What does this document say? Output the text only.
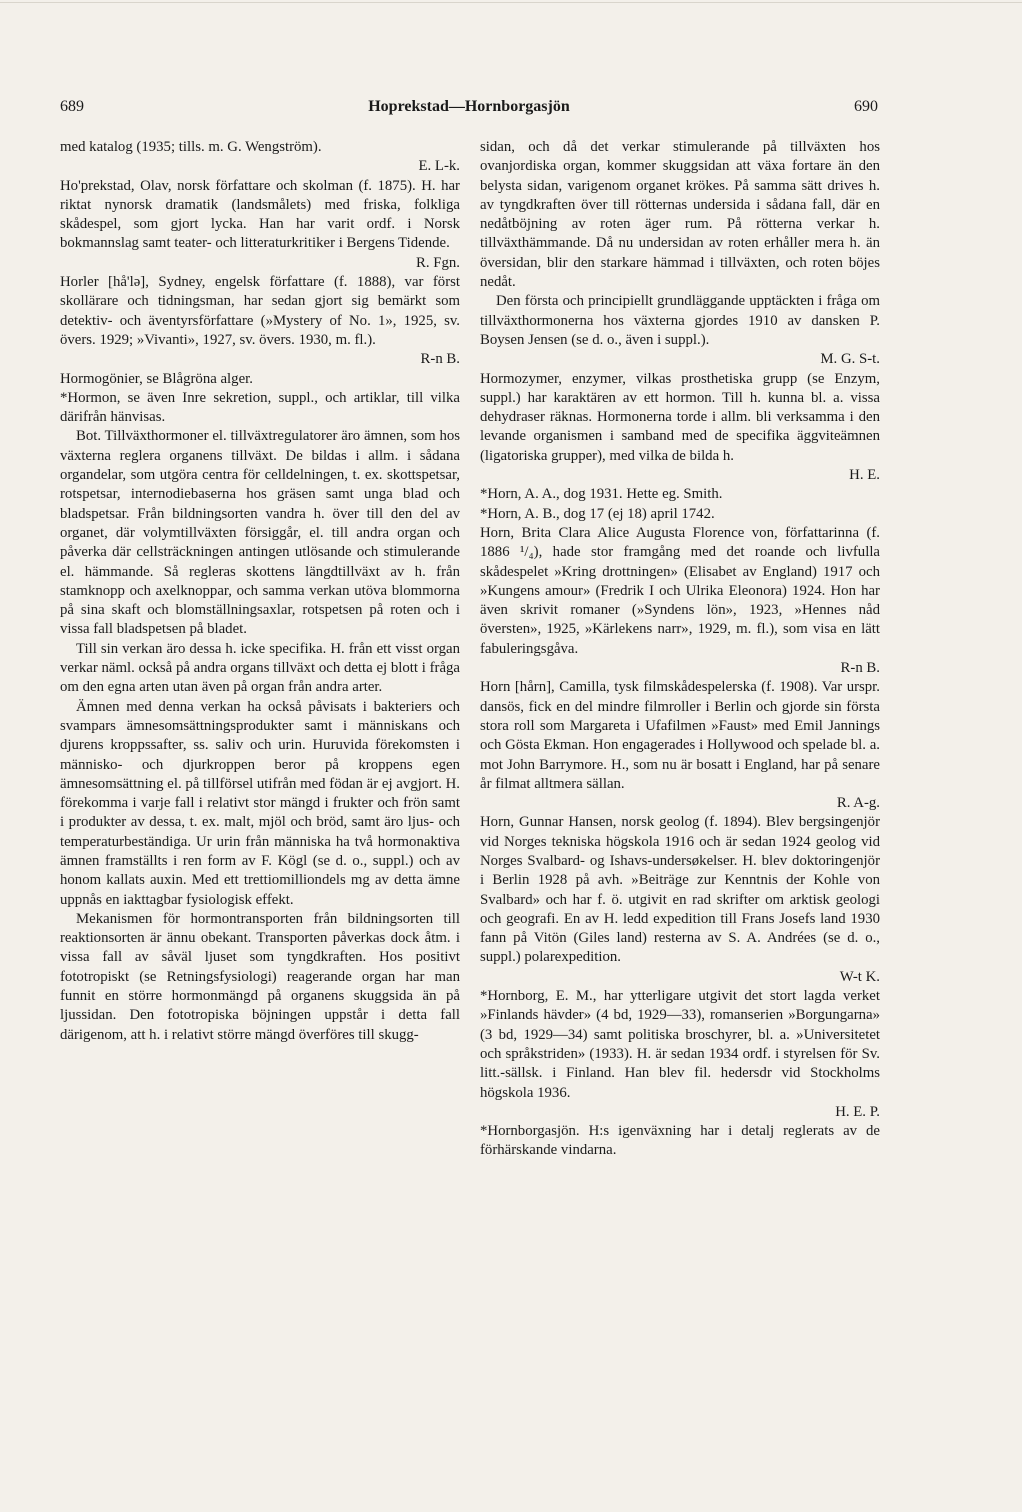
689	Hoprekstad—Hornborgasjön	690

med katalog (1935; tills. m. G. Wengström).

E. L-k.

Ho'prekstad, Olav, norsk författare och skolman (f. 1875). H. har riktat nynorsk dramatik (landsmålets) med friska, folkliga skådespel, som gjort lycka. Han har varit ordf. i Norsk bokmannslag samt teater- och litteraturkritiker i Bergens Tidende.

R. Fgn.

Horler [hå'lə], Sydney, engelsk författare (f. 1888), var först skollärare och tidningsman, har sedan gjort sig bemärkt som detektiv- och äventyrsförfattare (»Mystery of No. 1», 1925, sv. övers. 1929; »Vivanti», 1927, sv. övers. 1930, m. fl.).

R-n B.

Hormogönier, se Blågröna alger.

*Hormon, se även Inre sekretion, suppl., och artiklar, till vilka därifrån hänvisas.

Bot. Tillväxthormoner el. tillväxtregulatorer äro ämnen, som hos växterna reglera organens tillväxt. De bildas i allm. i sådana organdelar, som utgöra centra för celldelningen, t. ex. skottspetsar, rotspetsar, internodiebaserna hos gräsen samt unga blad och bladspetsar. Från bildningsorten vandra h. över till den del av organet, där volymtillväxten försiggår, el. till andra organ och påverka där cellsträckningen antingen utlösande och stimulerande el. hämmande. Så regleras skottens längdtillväxt av h. från stamknopp och axelknoppar, och samma verkan utöva blommorna på sina skaft och blomställningsaxlar, rotspetsen på roten och i vissa fall bladspetsen på bladet.

Till sin verkan äro dessa h. icke specifika. H. från ett visst organ verkar näml. också på andra organs tillväxt och detta ej blott i fråga om den egna arten utan även på organ från andra arter.

Ämnen med denna verkan ha också påvisats i bakteriers och svampars ämnesomsättningsprodukter samt i människans och djurens kroppssafter, ss. saliv och urin. Huruvida förekomsten i människo- och djurkroppen beror på kroppens egen ämnesomsättning el. på tillförsel utifrån med födan är ej avgjort. H. förekomma i varje fall i relativt stor mängd i frukter och frön samt i produkter av dessa, t. ex. malt, mjöl och bröd, samt äro ljus- och temperaturbeständiga. Ur urin från människa ha två hormonaktiva ämnen framställts i ren form av F. Kögl (se d. o., suppl.) och av honom kallats auxin. Med ett trettiomilliondels mg av detta ämne uppnås en iakttagbar fysiologisk effekt.

Mekanismen för hormontransporten från bildningsorten till reaktionsorten är ännu obekant. Transporten påverkas dock åtm. i vissa fall av såväl ljuset som tyngdkraften. Hos positivt fototropiskt (se Retningsfysiologi) reagerande organ har man funnit en större hormonmängd på organens skuggsida än på ljussidan. Den fototropiska böjningen uppstår i detta fall därigenom, att h. i relativt större mängd överföres till skugg-

sidan, och då det verkar stimulerande på tillväxten hos ovanjordiska organ, kommer skuggsidan att växa fortare än den belysta sidan, varigenom organet krökes. På samma sätt drives h. av tyngdkraften över till rötternas undersida i sådana fall, där en nedåtböjning av roten äger rum. På rötterna verkar h. tillväxthämmande. Då nu undersidan av roten erhåller mera h. än översidan, blir den starkare hämmad i tillväxten, och roten böjes nedåt.

Den första och principiellt grundläggande upptäckten i fråga om tillväxthormonerna hos växterna gjordes 1910 av dansken P. Boysen Jensen (se d. o., även i suppl.).

M. G. S-t.

Hormozymer, enzymer, vilkas prosthetiska grupp (se Enzym, suppl.) har karaktären av ett hormon. Till h. kunna bl. a. vissa dehydraser räknas. Hormonerna torde i allm. bli verksamma i den levande organismen i samband med de specifika äggviteämnen (ligatoriska grupper), med vilka de bilda h.

H. E.

*Horn, A. A., dog 1931. Hette eg. Smith.

*Horn, A. B., dog 17 (ej 18) april 1742.

Horn, Brita Clara Alice Augusta Florence von, författarinna (f. 1886 ¹/₄), hade stor framgång med det roande och livfulla skådespelet »Kring drottningen» (Elisabet av England) 1917 och »Kungens amour» (Fredrik I och Ulrika Eleonora) 1924. Hon har även skrivit romaner (»Syndens lön», 1923, »Hennes nåd översten», 1925, »Kärlekens narr», 1929, m. fl.), som visa en lätt fabuleringsgåva.

R-n B.

Horn [hårn], Camilla, tysk filmskådespelerska (f. 1908). Var urspr. dansös, fick en del mindre filmroller i Berlin och gjorde sin första stora roll som Margareta i Ufafilmen »Faust» med Emil Jannings och Gösta Ekman. Hon engagerades i Hollywood och spelade bl. a. mot John Barrymore. H., som nu är bosatt i England, har på senare år filmat alltmera sällan.

R. A-g.

Horn, Gunnar Hansen, norsk geolog (f. 1894). Blev bergsingenjör vid Norges tekniska högskola 1916 och är sedan 1924 geolog vid Norges Svalbard- og Ishavs-undersøkelser. H. blev doktoringenjör i Berlin 1928 på avh. »Beiträge zur Kenntnis der Kohle von Svalbard» och har f. ö. utgivit en rad skrifter om arktisk geologi och geografi. En av H. ledd expedition till Frans Josefs land 1930 fann på Vitön (Giles land) resterna av S. A. Andrées (se d. o., suppl.) polarexpedition.

W-t K.

*Hornborg, E. M., har ytterligare utgivit det stort lagda verket »Finlands hävder» (4 bd, 1929—33), romanserien »Borgungarna» (3 bd, 1929—34) samt politiska broschyrer, bl. a. »Universitetet och språkstriden» (1933). H. är sedan 1934 ordf. i styrelsen för Sv. litt.-sällsk. i Finland. Han blev fil. hedersdr vid Stockholms högskola 1936.

H. E. P.

*Hornborgasjön. H:s igenväxning har i detalj reglerats av de förhärskande vindarna.
